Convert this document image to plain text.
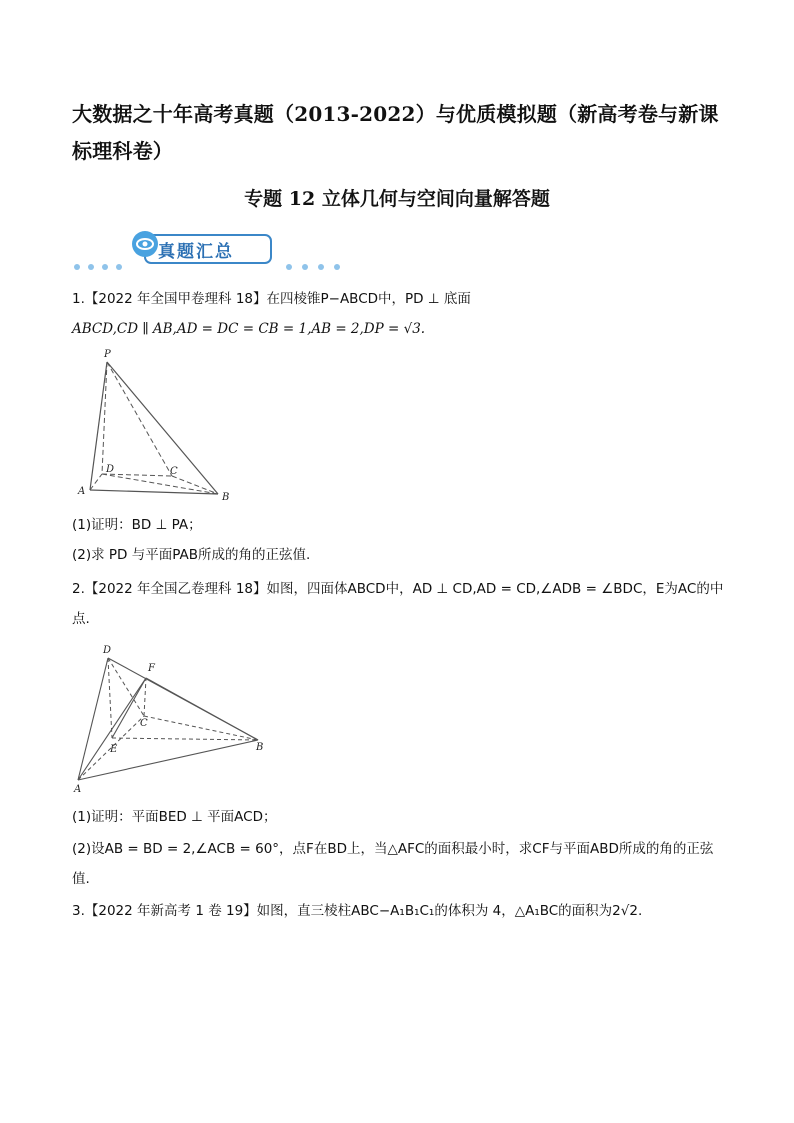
大数据之十年高考真题（2013-2022）与优质模拟题（新高考卷与新课标理科卷）
专题 12 立体几何与空间向量解答题
真题汇总
1.【2022 年全国甲卷理科 18】在四棱锥P−ABCD中，PD ⊥ 底面
ABCD,CD ∥ AB,AD = DC = CB = 1,AB = 2,DP = √3.
P
D	C
A
B
(1)证明：BD ⊥ PA；
(2)求 PD 与平面PAB所成的角的正弦值.
2.【2022 年全国乙卷理科 18】如图，四面体ABCD中，AD ⊥ CD,AD = CD,∠ADB = ∠BDC，E为AC的中
点.
D
F
C
E	B
A
(1)证明：平面BED ⊥ 平面ACD；
(2)设AB = BD = 2,∠ACB = 60°，点F在BD上，当△AFC的面积最小时，求CF与平面ABD所成的角的正弦
值.
3.【2022 年新高考 1 卷 19】如图，直三棱柱ABC−A₁B₁C₁的体积为 4，△A₁BC的面积为2√2.
